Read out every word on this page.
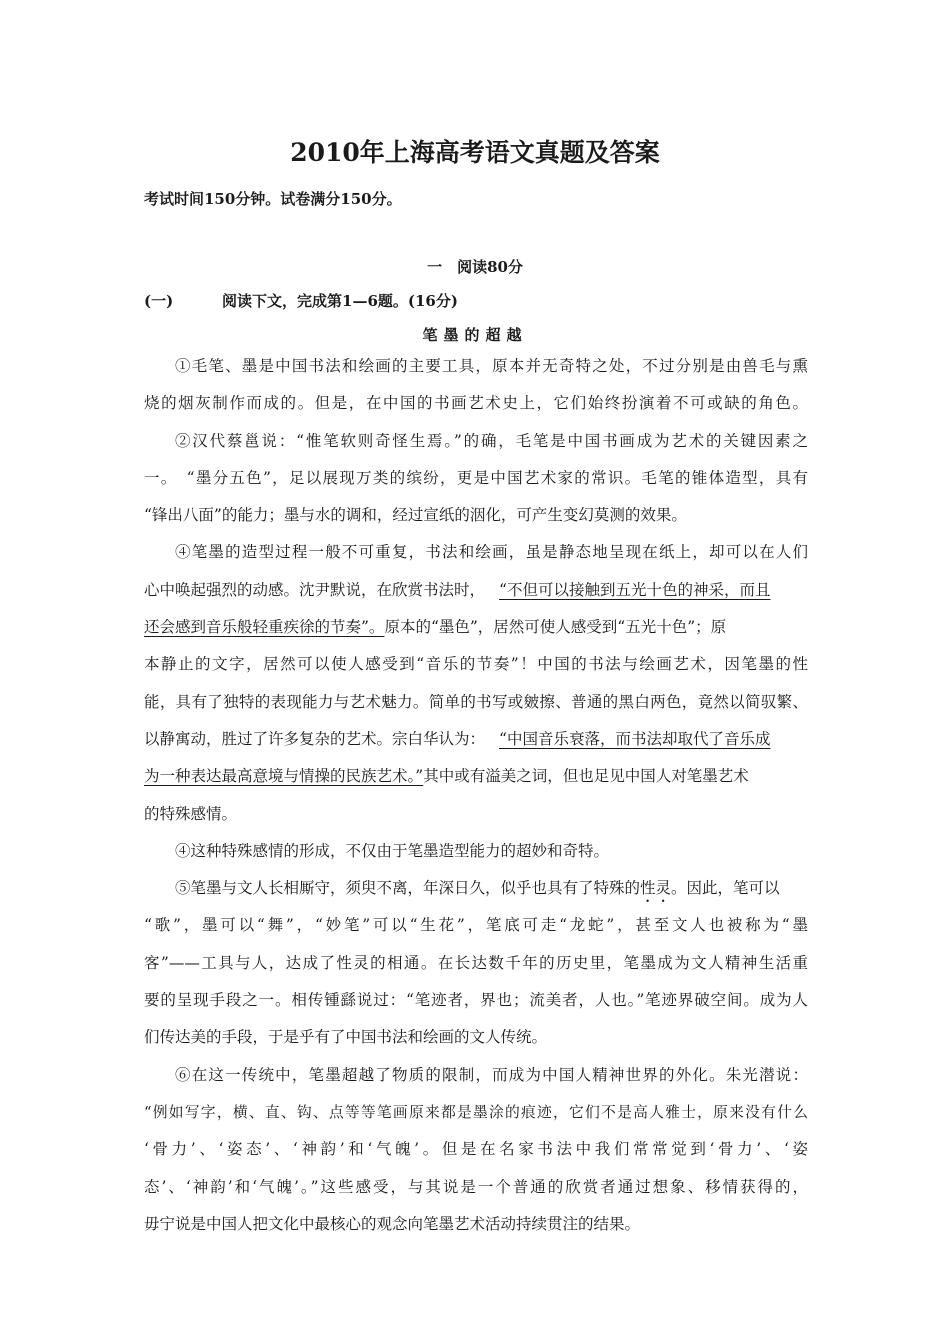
2010年上海高考语文真题及答案
考试时间150分钟。试卷满分150分。
一　阅读80分
(一)	阅读下文，完成第1—6题。(16分)
笔墨的超越
①毛笔、墨是中国书法和绘画的主要工具，原本并无奇特之处，不过分别是由兽毛与熏
烧的烟灰制作而成的。但是，在中国的书画艺术史上，它们始终扮演着不可或缺的角色。
②汉代蔡邕说：“惟笔软则奇怪生焉。”的确，毛笔是中国书画成为艺术的关键因素之
一。　“墨分五色”，足以展现万类的缤纷，更是中国艺术家的常识。毛笔的锥体造型，具有
“锋出八面”的能力；墨与水的调和，经过宣纸的洇化，可产生变幻莫测的效果。
④笔墨的造型过程一般不可重复，书法和绘画，虽是静态地呈现在纸上，却可以在人们
心中唤起强烈的动感。沈尹默说，在欣赏书法时， “不但可以接触到五光十色的神采，而且
还会感到音乐般轻重疾徐的节奏”。原本的“墨色”，居然可使人感受到“五光十色”；原
本静止的文字，居然可以使人感受到“音乐的节奏”！中国的书法与绘画艺术，因笔墨的性
能，具有了独特的表现能力与艺术魅力。简单的书写或皴擦、普通的黑白两色，竟然以简驭繁、
以静寓动，胜过了许多复杂的艺术。宗白华认为： “中国音乐衰落，而书法却取代了音乐成
为一种表达最高意境与情操的民族艺术。”其中或有溢美之词，但也足见中国人对笔墨艺术
的特殊感情。
④这种特殊感情的形成，不仅由于笔墨造型能力的超妙和奇特。
⑤笔墨与文人长相厮守，须臾不离，年深日久，似乎也具有了特殊的性灵。因此，笔可以
“歌”，墨可以“舞”，“妙笔”可以“生花”，笔底可走“龙蛇”，甚至文人也被称为“墨
客”——工具与人，达成了性灵的相通。在长达数千年的历史里，笔墨成为文人精神生活重
要的呈现手段之一。相传锺繇说过：“笔迹者，界也；流美者，人也。”笔迹界破空间。成为人
们传达美的手段，于是乎有了中国书法和绘画的文人传统。
⑥在这一传统中，笔墨超越了物质的限制，而成为中国人精神世界的外化。朱光潜说：
“例如写字，横、直、钩、点等等笔画原来都是墨涂的痕迹，它们不是高人雅士，原来没有什么
‘骨力’、‘姿态’、‘神韵’和‘气魄’。但是在名家书法中我们常常觉到‘骨力’、‘姿
态’、‘神韵’和‘气魄’。”这些感受，与其说是一个普通的欣赏者通过想象、移情获得的，
毋宁说是中国人把文化中最核心的观念向笔墨艺术活动持续贯注的结果。
